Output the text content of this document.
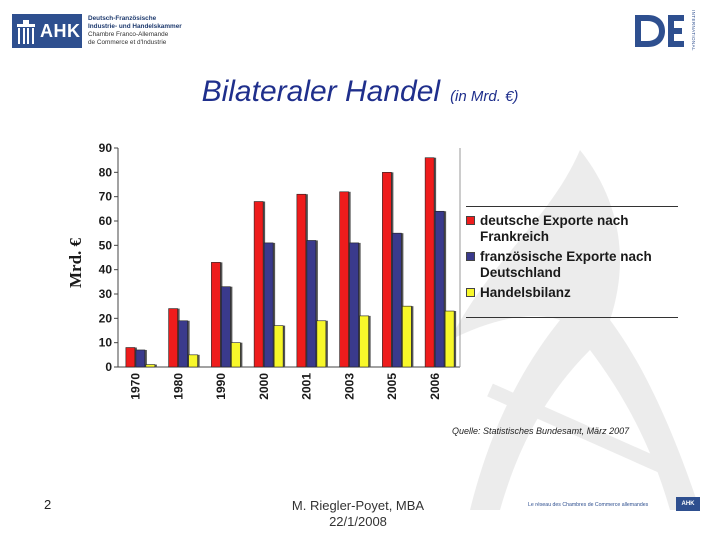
AHK
Deutsch-Französische
Industrie- und Handelskammer
Chambre Franco-Allemande
de Commerce et d'Industrie	INTERNATIONAL
Bilateraler Handel (in Mrd. €)
0
10
20
30
40
50
60
70
80
90
1970 1980 1990 2000 2001 2003 2005 2006
Mrd. €
deutsche Exporte nach Frankreich
französische Exporte nach Deutschland
Handelsbilanz
Quelle: Statistisches Bundesamt, März 2007
2	M. Riegler-Poyet, MBA
22/1/2008
Le réseau des Chambres de Commerce allemandes	AHK
